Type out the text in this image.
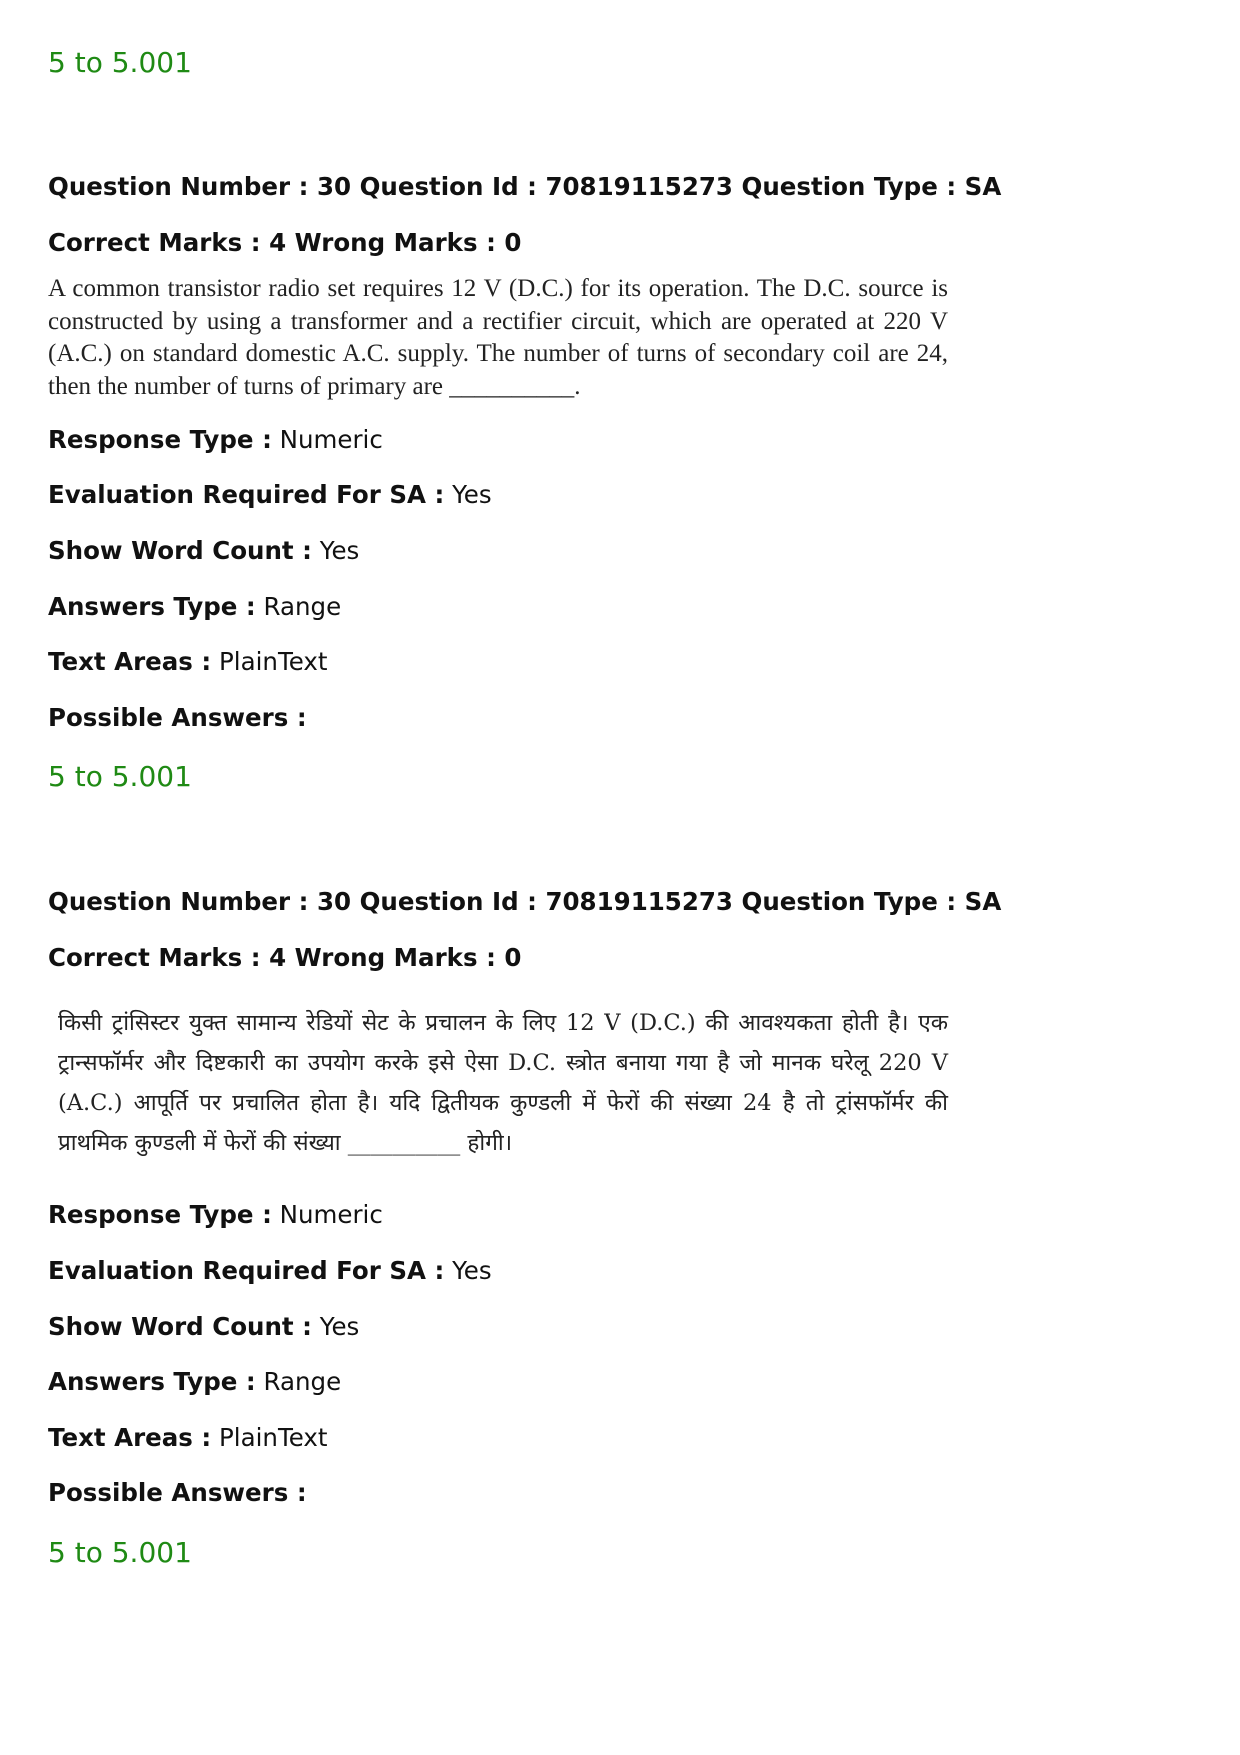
5 to 5.001
Question Number : 30 Question Id : 70819115273 Question Type : SA
Correct Marks : 4 Wrong Marks : 0
A common transistor radio set requires 12 V (D.C.) for its operation. The D.C. source is constructed by using a transformer and a rectifier circuit, which are operated at 220 V (A.C.) on standard domestic A.C. supply. The number of turns of secondary coil are 24, then the number of turns of primary are __________.
Response Type : Numeric
Evaluation Required For SA : Yes
Show Word Count : Yes
Answers Type : Range
Text Areas : PlainText
Possible Answers :
5 to 5.001
Question Number : 30 Question Id : 70819115273 Question Type : SA
Correct Marks : 4 Wrong Marks : 0
किसी ट्रांसिस्टर युक्त सामान्य रेडियों सेट के प्रचालन के लिए 12 V (D.C.) की आवश्यकता होती है। एक ट्रान्सफॉर्मर और दिष्टकारी का उपयोग करके इसे ऐसा D.C. स्त्रोत बनाया गया है जो मानक घरेलू 220 V (A.C.) आपूर्ति पर प्रचालित होता है। यदि द्वितीयक कुण्डली में फेरों की संख्या 24 है तो ट्रांसफॉर्मर की प्राथमिक कुण्डली में फेरों की संख्या __________ होगी।
Response Type : Numeric
Evaluation Required For SA : Yes
Show Word Count : Yes
Answers Type : Range
Text Areas : PlainText
Possible Answers :
5 to 5.001
